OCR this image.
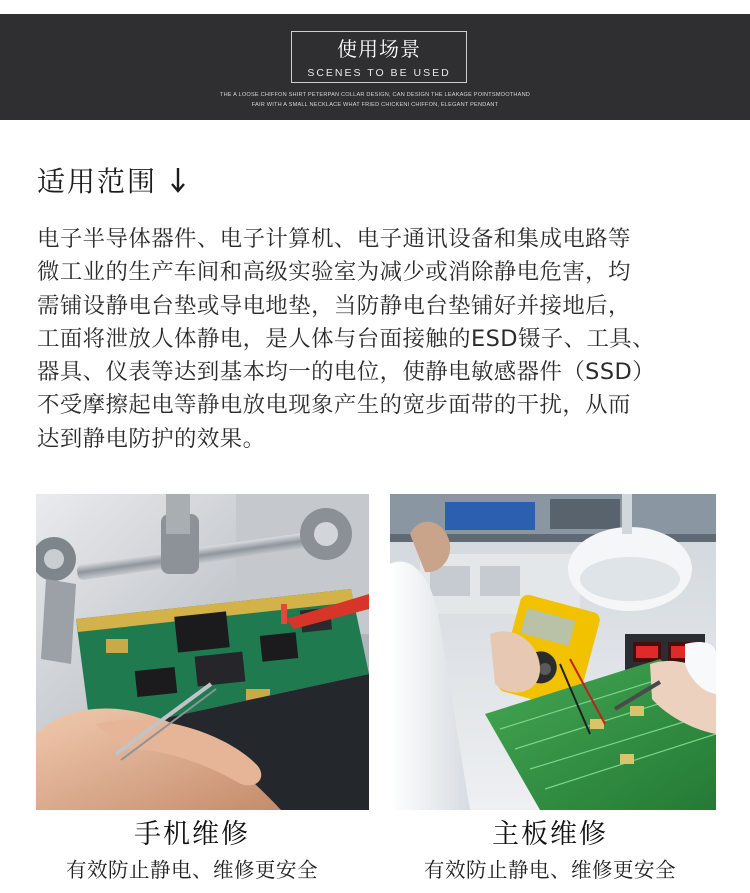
使用场景
SCENES TO BE USED
THE A LOOSE CHIFFON SHIRT PETERPAN COLLAR DESIGN, CAN DESIGN THE LEAKAGE POINTSMOOTHAND
FAIR WITH A SMALL NECKLACE WHAT FRIED CHICKENI CHIFFON, ELEGANT PENDANT
适用范围
电子半导体器件、电子计算机、电子通讯设备和集成电路等
微工业的生产车间和高级实验室为减少或消除静电危害，均
需铺设静电台垫或导电地垫，当防静电台垫铺好并接地后，
工面将泄放人体静电，是人体与台面接触的ESD镊子、工具、
器具、仪表等达到基本均一的电位，使静电敏感器件（SSD）
不受摩擦起电等静电放电现象产生的宽步面带的干扰，从而
达到静电防护的效果。
手机维修
有效防止静电、维修更安全
主板维修
有效防止静电、维修更安全
